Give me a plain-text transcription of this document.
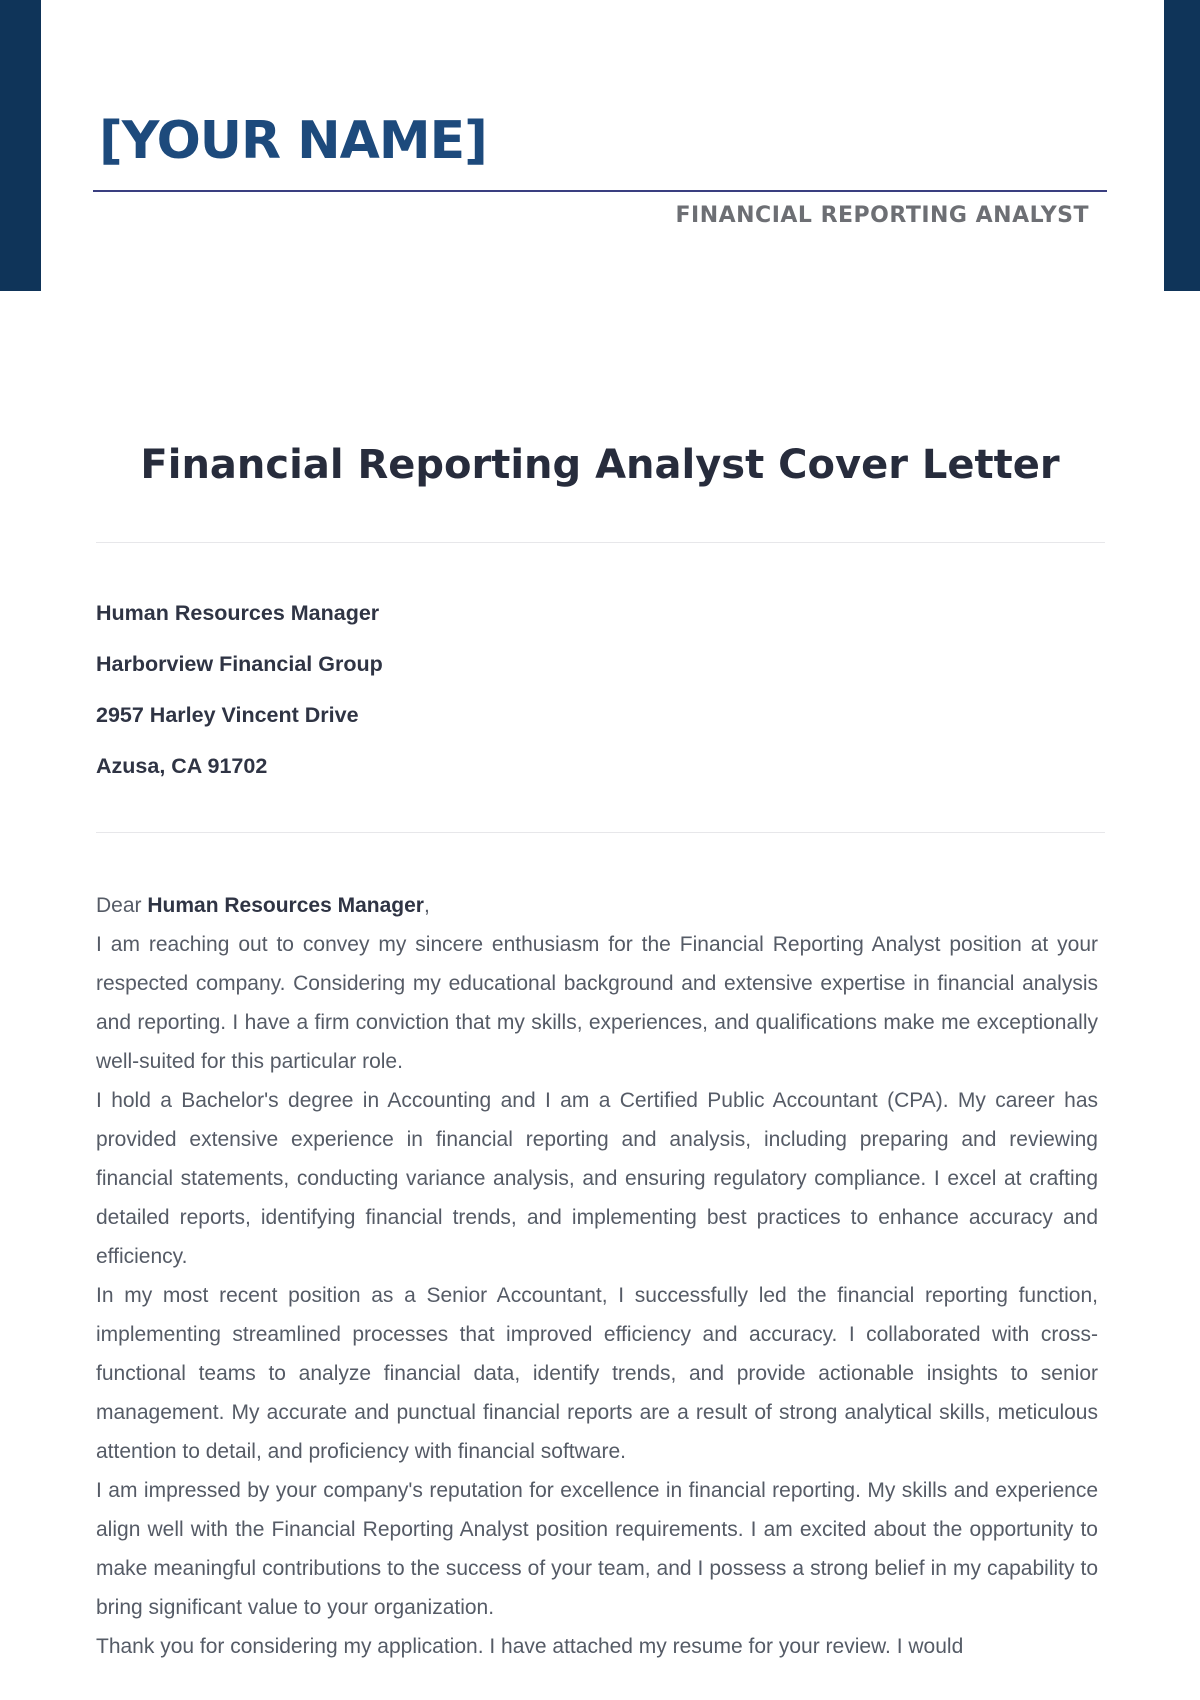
[YOUR NAME]
FINANCIAL REPORTING ANALYST
Financial Reporting Analyst Cover Letter
Human Resources Manager
Harborview Financial Group
2957 Harley Vincent Drive
Azusa, CA 91702

Dear Human Resources Manager,

I am reaching out to convey my sincere enthusiasm for the Financial Reporting Analyst position at your respected company. Considering my educational background and extensive expertise in financial analysis and reporting. I have a firm conviction that my skills, experiences, and qualifications make me exceptionally well-suited for this particular role.

I hold a Bachelor's degree in Accounting and I am a Certified Public Accountant (CPA). My career has provided extensive experience in financial reporting and analysis, including preparing and reviewing financial statements, conducting variance analysis, and ensuring regulatory compliance. I excel at crafting detailed reports, identifying financial trends, and implementing best practices to enhance accuracy and efficiency.

In my most recent position as a Senior Accountant, I successfully led the financial reporting function, implementing streamlined processes that improved efficiency and accuracy. I collaborated with cross-functional teams to analyze financial data, identify trends, and provide actionable insights to senior management. My accurate and punctual financial reports are a result of strong analytical skills, meticulous attention to detail, and proficiency with financial software.

I am impressed by your company's reputation for excellence in financial reporting. My skills and experience align well with the Financial Reporting Analyst position requirements. I am excited about the opportunity to make meaningful contributions to the success of your team, and I possess a strong belief in my capability to bring significant value to your organization.

Thank you for considering my application. I have attached my resume for your review. I would
